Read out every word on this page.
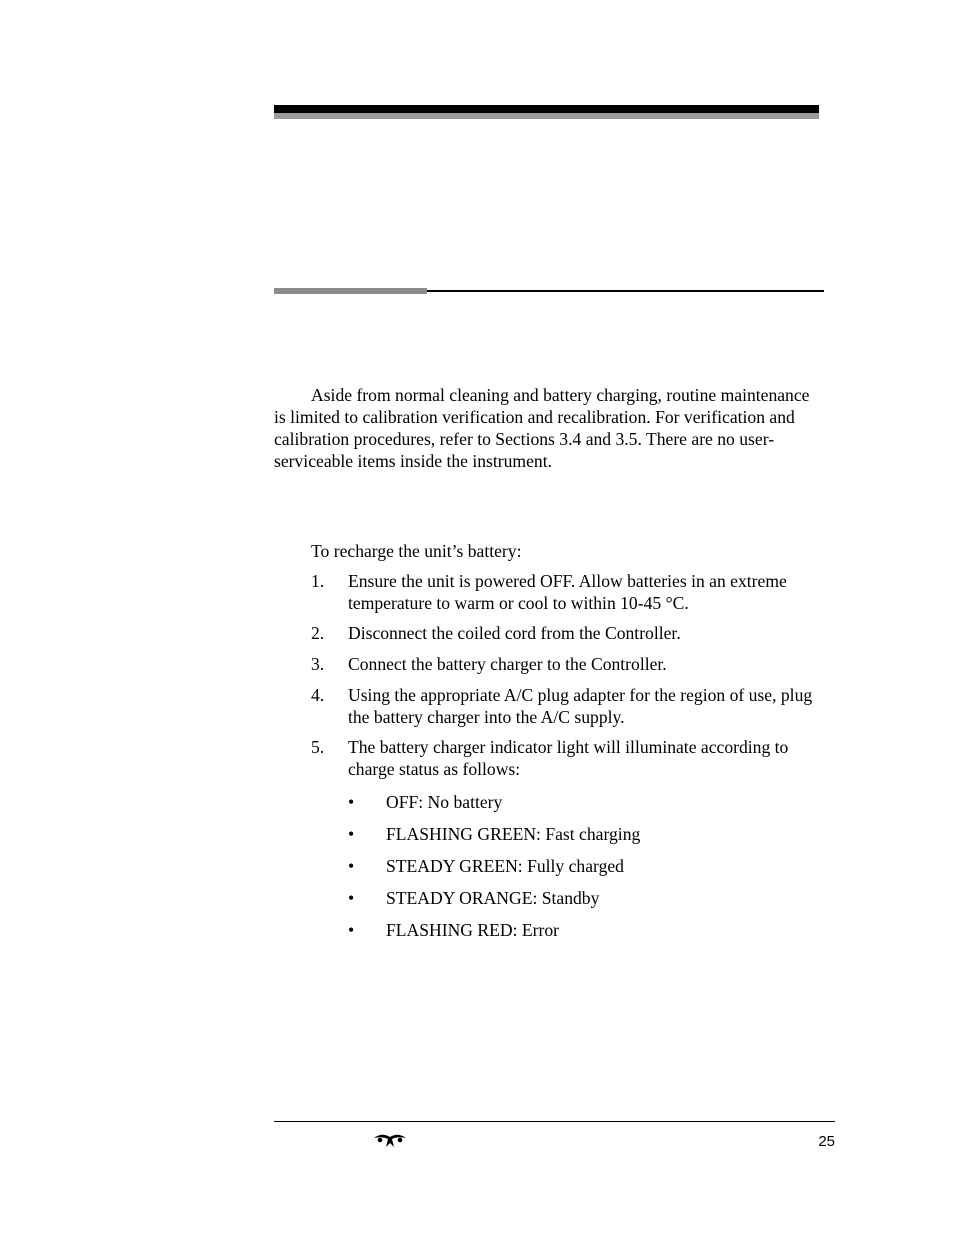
Aside from normal cleaning and battery charging, routine maintenance is limited to calibration verification and recalibration. For verification and calibration procedures, refer to Sections 3.4 and 3.5. There are no user-serviceable items inside the instrument.
To recharge the unit’s battery:
1. Ensure the unit is powered OFF. Allow batteries in an extreme temperature to warm or cool to within 10-45 °C.
2. Disconnect the coiled cord from the Controller.
3. Connect the battery charger to the Controller.
4. Using the appropriate A/C plug adapter for the region of use, plug the battery charger into the A/C supply.
5. The battery charger indicator light will illuminate according to charge status as follows:
• OFF: No battery
• FLASHING GREEN: Fast charging
• STEADY GREEN: Fully charged
• STEADY ORANGE: Standby
• FLASHING RED: Error
25
